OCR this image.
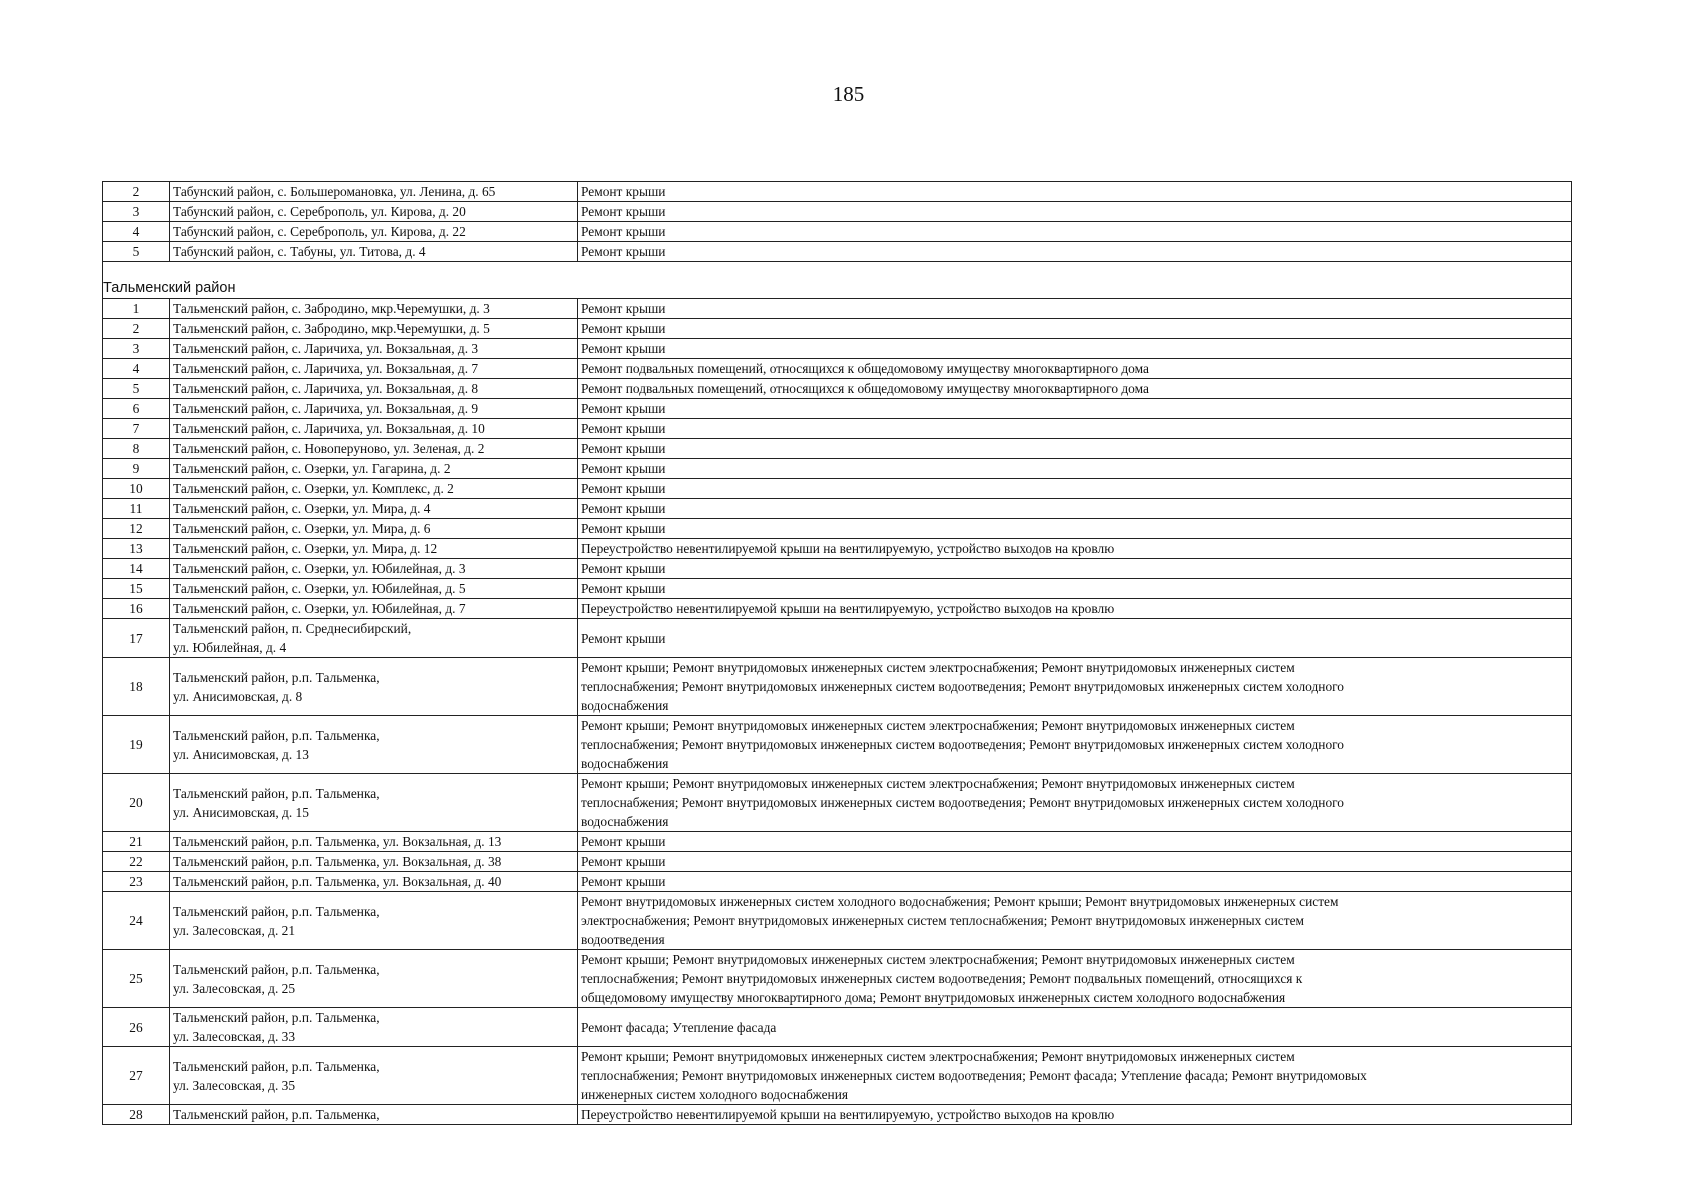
185
2	Табунский район, с. Большеромановка, ул. Ленина, д. 65	Ремонт крыши
3	Табунский район, с. Сереброполь, ул. Кирова, д. 20	Ремонт крыши
4	Табунский район, с. Сереброполь, ул. Кирова, д. 22	Ремонт крыши
5	Табунский район, с. Табуны, ул. Титова, д. 4	Ремонт крыши

Тальменский район		
1	Тальменский район, с. Забродино, мкр.Черемушки, д. 3	Ремонт крыши
2	Тальменский район, с. Забродино, мкр.Черемушки, д. 5	Ремонт крыши
3	Тальменский район, с. Ларичиха, ул. Вокзальная, д. 3	Ремонт крыши
4	Тальменский район, с. Ларичиха, ул. Вокзальная, д. 7	Ремонт подвальных помещений, относящихся к общедомовому имуществу многоквартирного дома
5	Тальменский район, с. Ларичиха, ул. Вокзальная, д. 8	Ремонт подвальных помещений, относящихся к общедомовому имуществу многоквартирного дома
6	Тальменский район, с. Ларичиха, ул. Вокзальная, д. 9	Ремонт крыши
7	Тальменский район, с. Ларичиха, ул. Вокзальная, д. 10	Ремонт крыши
8	Тальменский район, с. Новоперуново, ул. Зеленая, д. 2	Ремонт крыши
9	Тальменский район, с. Озерки, ул. Гагарина, д. 2	Ремонт крыши
10	Тальменский район, с. Озерки, ул. Комплекс, д. 2	Ремонт крыши
11	Тальменский район, с. Озерки, ул. Мира, д. 4	Ремонт крыши
12	Тальменский район, с. Озерки, ул. Мира, д. 6	Ремонт крыши
13	Тальменский район, с. Озерки, ул. Мира, д. 12	Переустройство невентилируемой крыши на вентилируемую, устройство выходов на кровлю
14	Тальменский район, с. Озерки, ул. Юбилейная, д. 3	Ремонт крыши
15	Тальменский район, с. Озерки, ул. Юбилейная, д. 5	Ремонт крыши
16	Тальменский район, с. Озерки, ул. Юбилейная, д. 7	Переустройство невентилируемой крыши на вентилируемую, устройство выходов на кровлю
17	Тальменский район, п. Среднесибирский,
ул. Юбилейная, д. 4	Ремонт крыши
18	Тальменский район, р.п. Тальменка,
ул. Анисимовская, д. 8	Ремонт крыши; Ремонт внутридомовых инженерных систем электроснабжения; Ремонт внутридомовых инженерных систем
теплоснабжения; Ремонт внутридомовых инженерных систем водоотведения; Ремонт внутридомовых инженерных систем холодного
водоснабжения
19	Тальменский район, р.п. Тальменка,
ул. Анисимовская, д. 13	Ремонт крыши; Ремонт внутридомовых инженерных систем электроснабжения; Ремонт внутридомовых инженерных систем
теплоснабжения; Ремонт внутридомовых инженерных систем водоотведения; Ремонт внутридомовых инженерных систем холодного
водоснабжения
20	Тальменский район, р.п. Тальменка,
ул. Анисимовская, д. 15	Ремонт крыши; Ремонт внутридомовых инженерных систем электроснабжения; Ремонт внутридомовых инженерных систем
теплоснабжения; Ремонт внутридомовых инженерных систем водоотведения; Ремонт внутридомовых инженерных систем холодного
водоснабжения
21	Тальменский район, р.п. Тальменка, ул. Вокзальная, д. 13	Ремонт крыши
22	Тальменский район, р.п. Тальменка, ул. Вокзальная, д. 38	Ремонт крыши
23	Тальменский район, р.п. Тальменка, ул. Вокзальная, д. 40	Ремонт крыши
24	Тальменский район, р.п. Тальменка,
ул. Залесовская, д. 21	Ремонт внутридомовых инженерных систем холодного водоснабжения; Ремонт крыши; Ремонт внутридомовых инженерных систем
электроснабжения; Ремонт внутридомовых инженерных систем теплоснабжения; Ремонт внутридомовых инженерных систем
водоотведения
25	Тальменский район, р.п. Тальменка,
ул. Залесовская, д. 25	Ремонт крыши; Ремонт внутридомовых инженерных систем электроснабжения; Ремонт внутридомовых инженерных систем
теплоснабжения; Ремонт внутридомовых инженерных систем водоотведения; Ремонт подвальных помещений, относящихся к
общедомовому имуществу многоквартирного дома; Ремонт внутридомовых инженерных систем холодного водоснабжения
26	Тальменский район, р.п. Тальменка,
ул. Залесовская, д. 33	Ремонт фасада; Утепление фасада
27	Тальменский район, р.п. Тальменка,
ул. Залесовская, д. 35	Ремонт крыши; Ремонт внутридомовых инженерных систем электроснабжения; Ремонт внутридомовых инженерных систем
теплоснабжения; Ремонт внутридомовых инженерных систем водоотведения; Ремонт фасада; Утепление фасада; Ремонт внутридомовых
инженерных систем холодного водоснабжения
28	Тальменский район, р.п. Тальменка,	Переустройство невентилируемой крыши на вентилируемую, устройство выходов на кровлю
